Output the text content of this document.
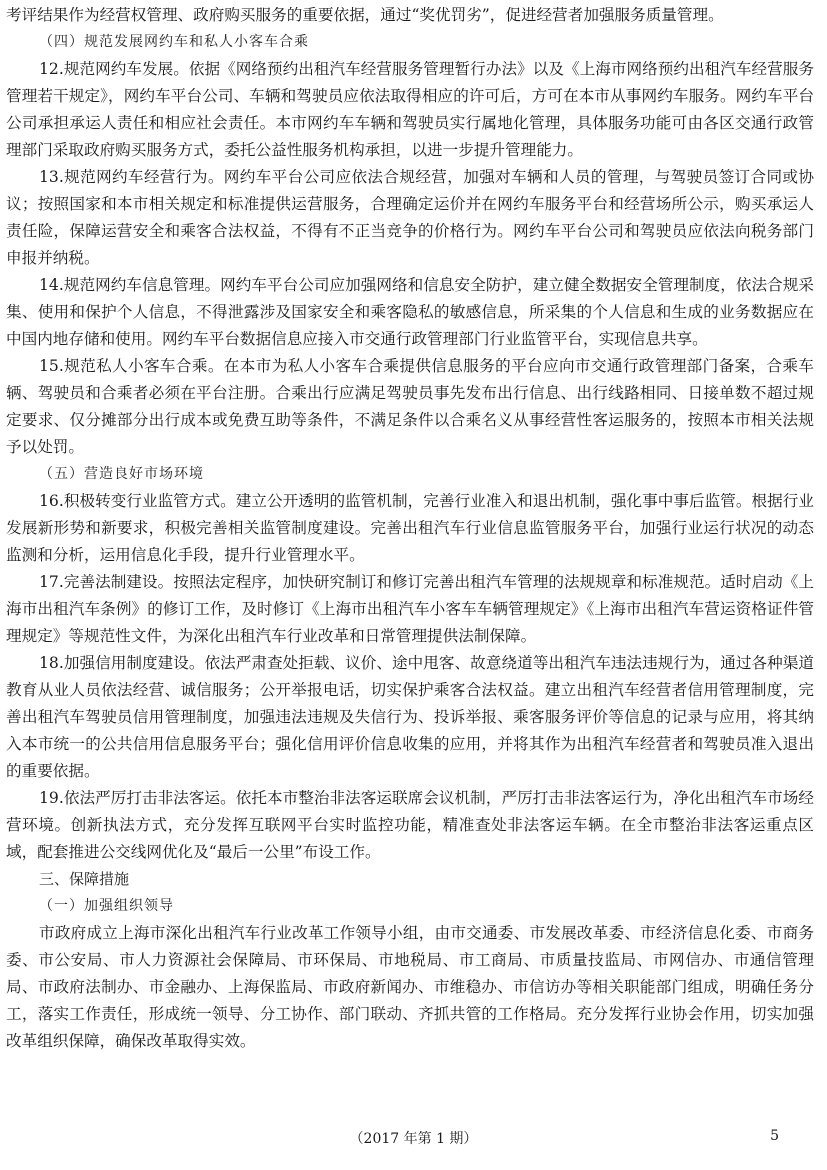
考评结果作为经营权管理、政府购买服务的重要依据，通过“奖优罚劣”，促进经营者加强服务质量管理。

（四）规范发展网约车和私人小客车合乘

12.规范网约车发展。依据《网络预约出租汽车经营服务管理暂行办法》以及《上海市网络预约出租汽车经营服务管理若干规定》，网约车平台公司、车辆和驾驶员应依法取得相应的许可后，方可在本市从事网约车服务。网约车平台公司承担承运人责任和相应社会责任。本市网约车车辆和驾驶员实行属地化管理，具体服务功能可由各区交通行政管理部门采取政府购买服务方式，委托公益性服务机构承担，以进一步提升管理能力。

13.规范网约车经营行为。网约车平台公司应依法合规经营，加强对车辆和人员的管理，与驾驶员签订合同或协议；按照国家和本市相关规定和标准提供运营服务，合理确定运价并在网约车服务平台和经营场所公示，购买承运人责任险，保障运营安全和乘客合法权益，不得有不正当竞争的价格行为。网约车平台公司和驾驶员应依法向税务部门申报并纳税。

14.规范网约车信息管理。网约车平台公司应加强网络和信息安全防护，建立健全数据安全管理制度，依法合规采集、使用和保护个人信息，不得泄露涉及国家安全和乘客隐私的敏感信息，所采集的个人信息和生成的业务数据应在中国内地存储和使用。网约车平台数据信息应接入市交通行政管理部门行业监管平台，实现信息共享。

15.规范私人小客车合乘。在本市为私人小客车合乘提供信息服务的平台应向市交通行政管理部门备案，合乘车辆、驾驶员和合乘者必须在平台注册。合乘出行应满足驾驶员事先发布出行信息、出行线路相同、日接单数不超过规定要求、仅分摊部分出行成本或免费互助等条件，不满足条件以合乘名义从事经营性客运服务的，按照本市相关法规予以处罚。

（五）营造良好市场环境

16.积极转变行业监管方式。建立公开透明的监管机制，完善行业准入和退出机制，强化事中事后监管。根据行业发展新形势和新要求，积极完善相关监管制度建设。完善出租汽车行业信息监管服务平台，加强行业运行状况的动态监测和分析，运用信息化手段，提升行业管理水平。

17.完善法制建设。按照法定程序，加快研究制订和修订完善出租汽车管理的法规规章和标准规范。适时启动《上海市出租汽车条例》的修订工作，及时修订《上海市出租汽车小客车车辆管理规定》《上海市出租汽车营运资格证件管理规定》等规范性文件，为深化出租汽车行业改革和日常管理提供法制保障。

18.加强信用制度建设。依法严肃查处拒载、议价、途中甩客、故意绕道等出租汽车违法违规行为，通过各种渠道教育从业人员依法经营、诚信服务；公开举报电话，切实保护乘客合法权益。建立出租汽车经营者信用管理制度，完善出租汽车驾驶员信用管理制度，加强违法违规及失信行为、投诉举报、乘客服务评价等信息的记录与应用，将其纳入本市统一的公共信用信息服务平台；强化信用评价信息收集的应用，并将其作为出租汽车经营者和驾驶员准入退出的重要依据。

19.依法严厉打击非法客运。依托本市整治非法客运联席会议机制，严厉打击非法客运行为，净化出租汽车市场经营环境。创新执法方式，充分发挥互联网平台实时监控功能，精准查处非法客运车辆。在全市整治非法客运重点区域，配套推进公交线网优化及“最后一公里”布设工作。

三、保障措施

（一）加强组织领导

市政府成立上海市深化出租汽车行业改革工作领导小组，由市交通委、市发展改革委、市经济信息化委、市商务委、市公安局、市人力资源社会保障局、市环保局、市地税局、市工商局、市质量技监局、市网信办、市通信管理局、市政府法制办、市金融办、上海保监局、市政府新闻办、市维稳办、市信访办等相关职能部门组成，明确任务分工，落实工作责任，形成统一领导、分工协作、部门联动、齐抓共管的工作格局。充分发挥行业协会作用，切实加强改革组织保障，确保改革取得实效。

（2017 年第 1 期）	5
